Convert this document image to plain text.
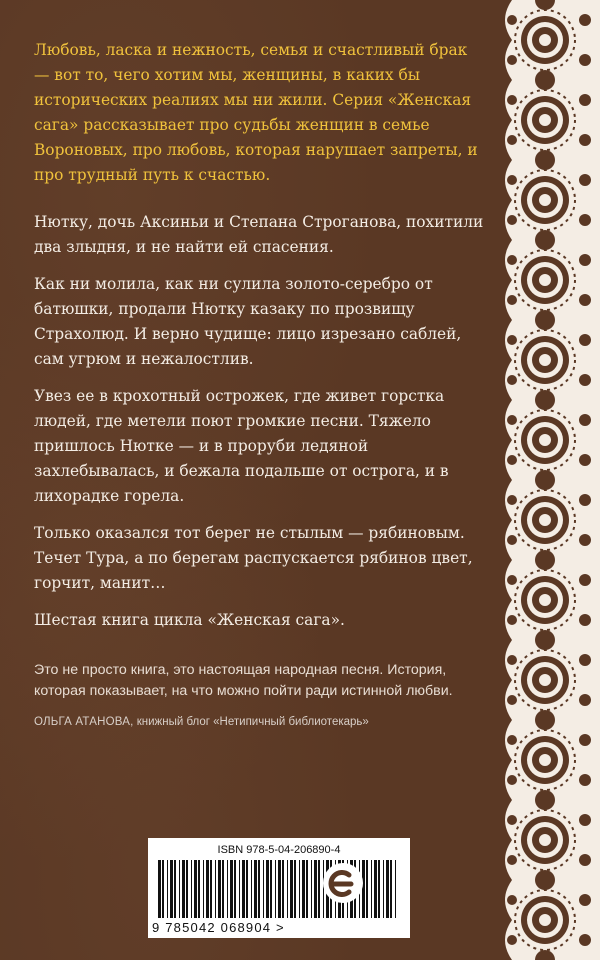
Любовь, ласка и нежность, семья и счастливый брак — вот то, чего хотим мы, женщины, в каких бы исторических реалиях мы ни жили. Серия «Женская сага» рассказывает про судьбы женщин в семье Вороновых, про любовь, которая нарушает запреты, и про трудный путь к счастью.

Нютку, дочь Аксиньи и Степана Строганова, похитили два злыдня, и не найти ей спасения.

Как ни молила, как ни сулила золото-серебро от батюшки, продали Нютку казаку по прозвищу Страхолюд. И верно чудище: лицо изрезано саблей, сам угрюм и нежалостлив.

Увез ее в крохотный острожек, где живет горстка людей, где метели поют громкие песни. Тяжело пришлось Нютке — и в проруби ледяной захлебывалась, и бежала подальше от острога, и в лихорадке горела.

Только оказался тот берег не стылым — рябиновым. Течет Тура, а по берегам распускается рябинов цвет, горчит, манит…

Шестая книга цикла «Женская сага».

Это не просто книга, это настоящая народная песня. История, которая показывает, на что можно пойти ради истинной любви.
ОЛЬГА АТАНОВА, книжный блог «Нетипичный библиотекарь»
ISBN 978-5-04-206890-4
9 785042 068904 >
